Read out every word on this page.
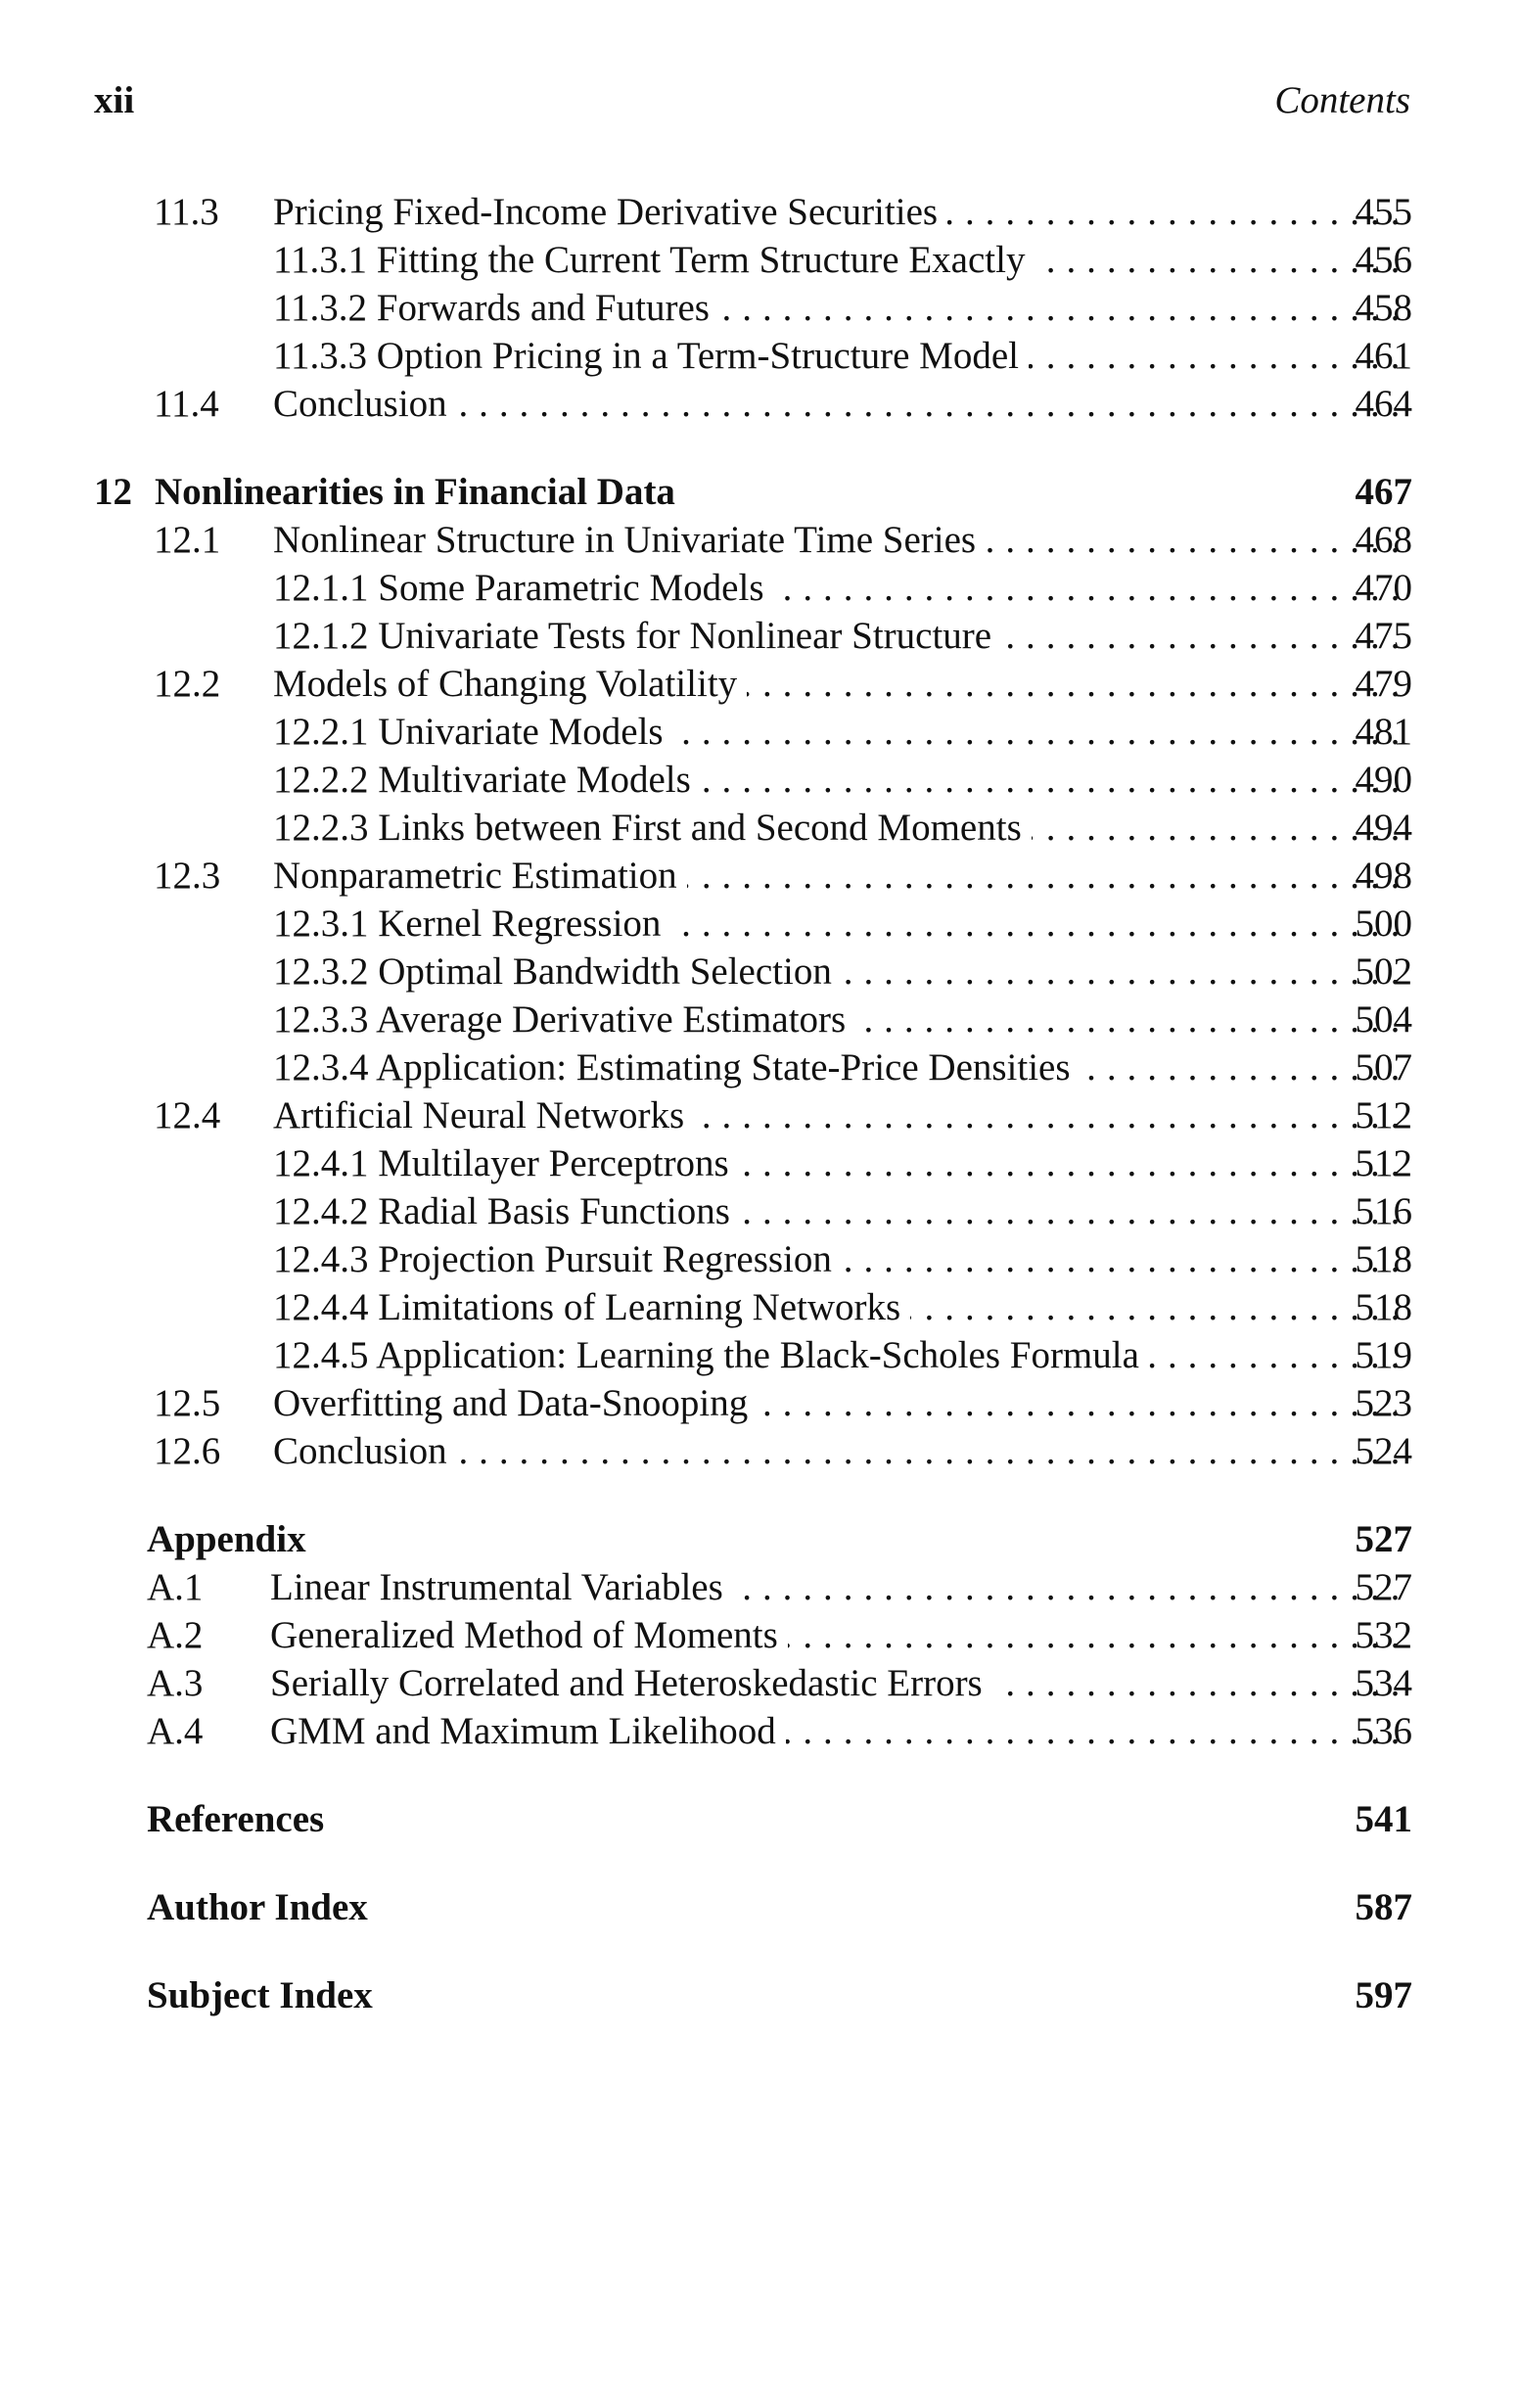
xii	Contents
11.3 Pricing Fixed-Income Derivative Securities . . .	455
11.3.1 Fitting the Current Term Structure Exactly . . .	456
11.3.2 Forwards and Futures . . .	458
11.3.3 Option Pricing in a Term-Structure Model . . .	461
11.4 Conclusion . . .	464
12 Nonlinearities in Financial Data	467
12.1 Nonlinear Structure in Univariate Time Series . . .	468
12.1.1 Some Parametric Models . . .	470
12.1.2 Univariate Tests for Nonlinear Structure . . .	475
12.2 Models of Changing Volatility . . .	479
12.2.1 Univariate Models . . .	481
12.2.2 Multivariate Models . . .	490
12.2.3 Links between First and Second Moments . . .	494
12.3 Nonparametric Estimation . . .	498
12.3.1 Kernel Regression . . .	500
12.3.2 Optimal Bandwidth Selection . . .	502
12.3.3 Average Derivative Estimators . . .	504
12.3.4 Application: Estimating State-Price Densities . . .	507
12.4 Artificial Neural Networks . . .	512
12.4.1 Multilayer Perceptrons . . .	512
12.4.2 Radial Basis Functions . . .	516
12.4.3 Projection Pursuit Regression . . .	518
12.4.4 Limitations of Learning Networks . . .	518
12.4.5 Application: Learning the Black-Scholes Formula . . .	519
12.5 Overfitting and Data-Snooping . . .	523
12.6 Conclusion . . .	524
Appendix	527
A.1 Linear Instrumental Variables . . .	527
A.2 Generalized Method of Moments . . .	532
A.3 Serially Correlated and Heteroskedastic Errors . . .	534
A.4 GMM and Maximum Likelihood . . .	536
References	541
Author Index	587
Subject Index	597
